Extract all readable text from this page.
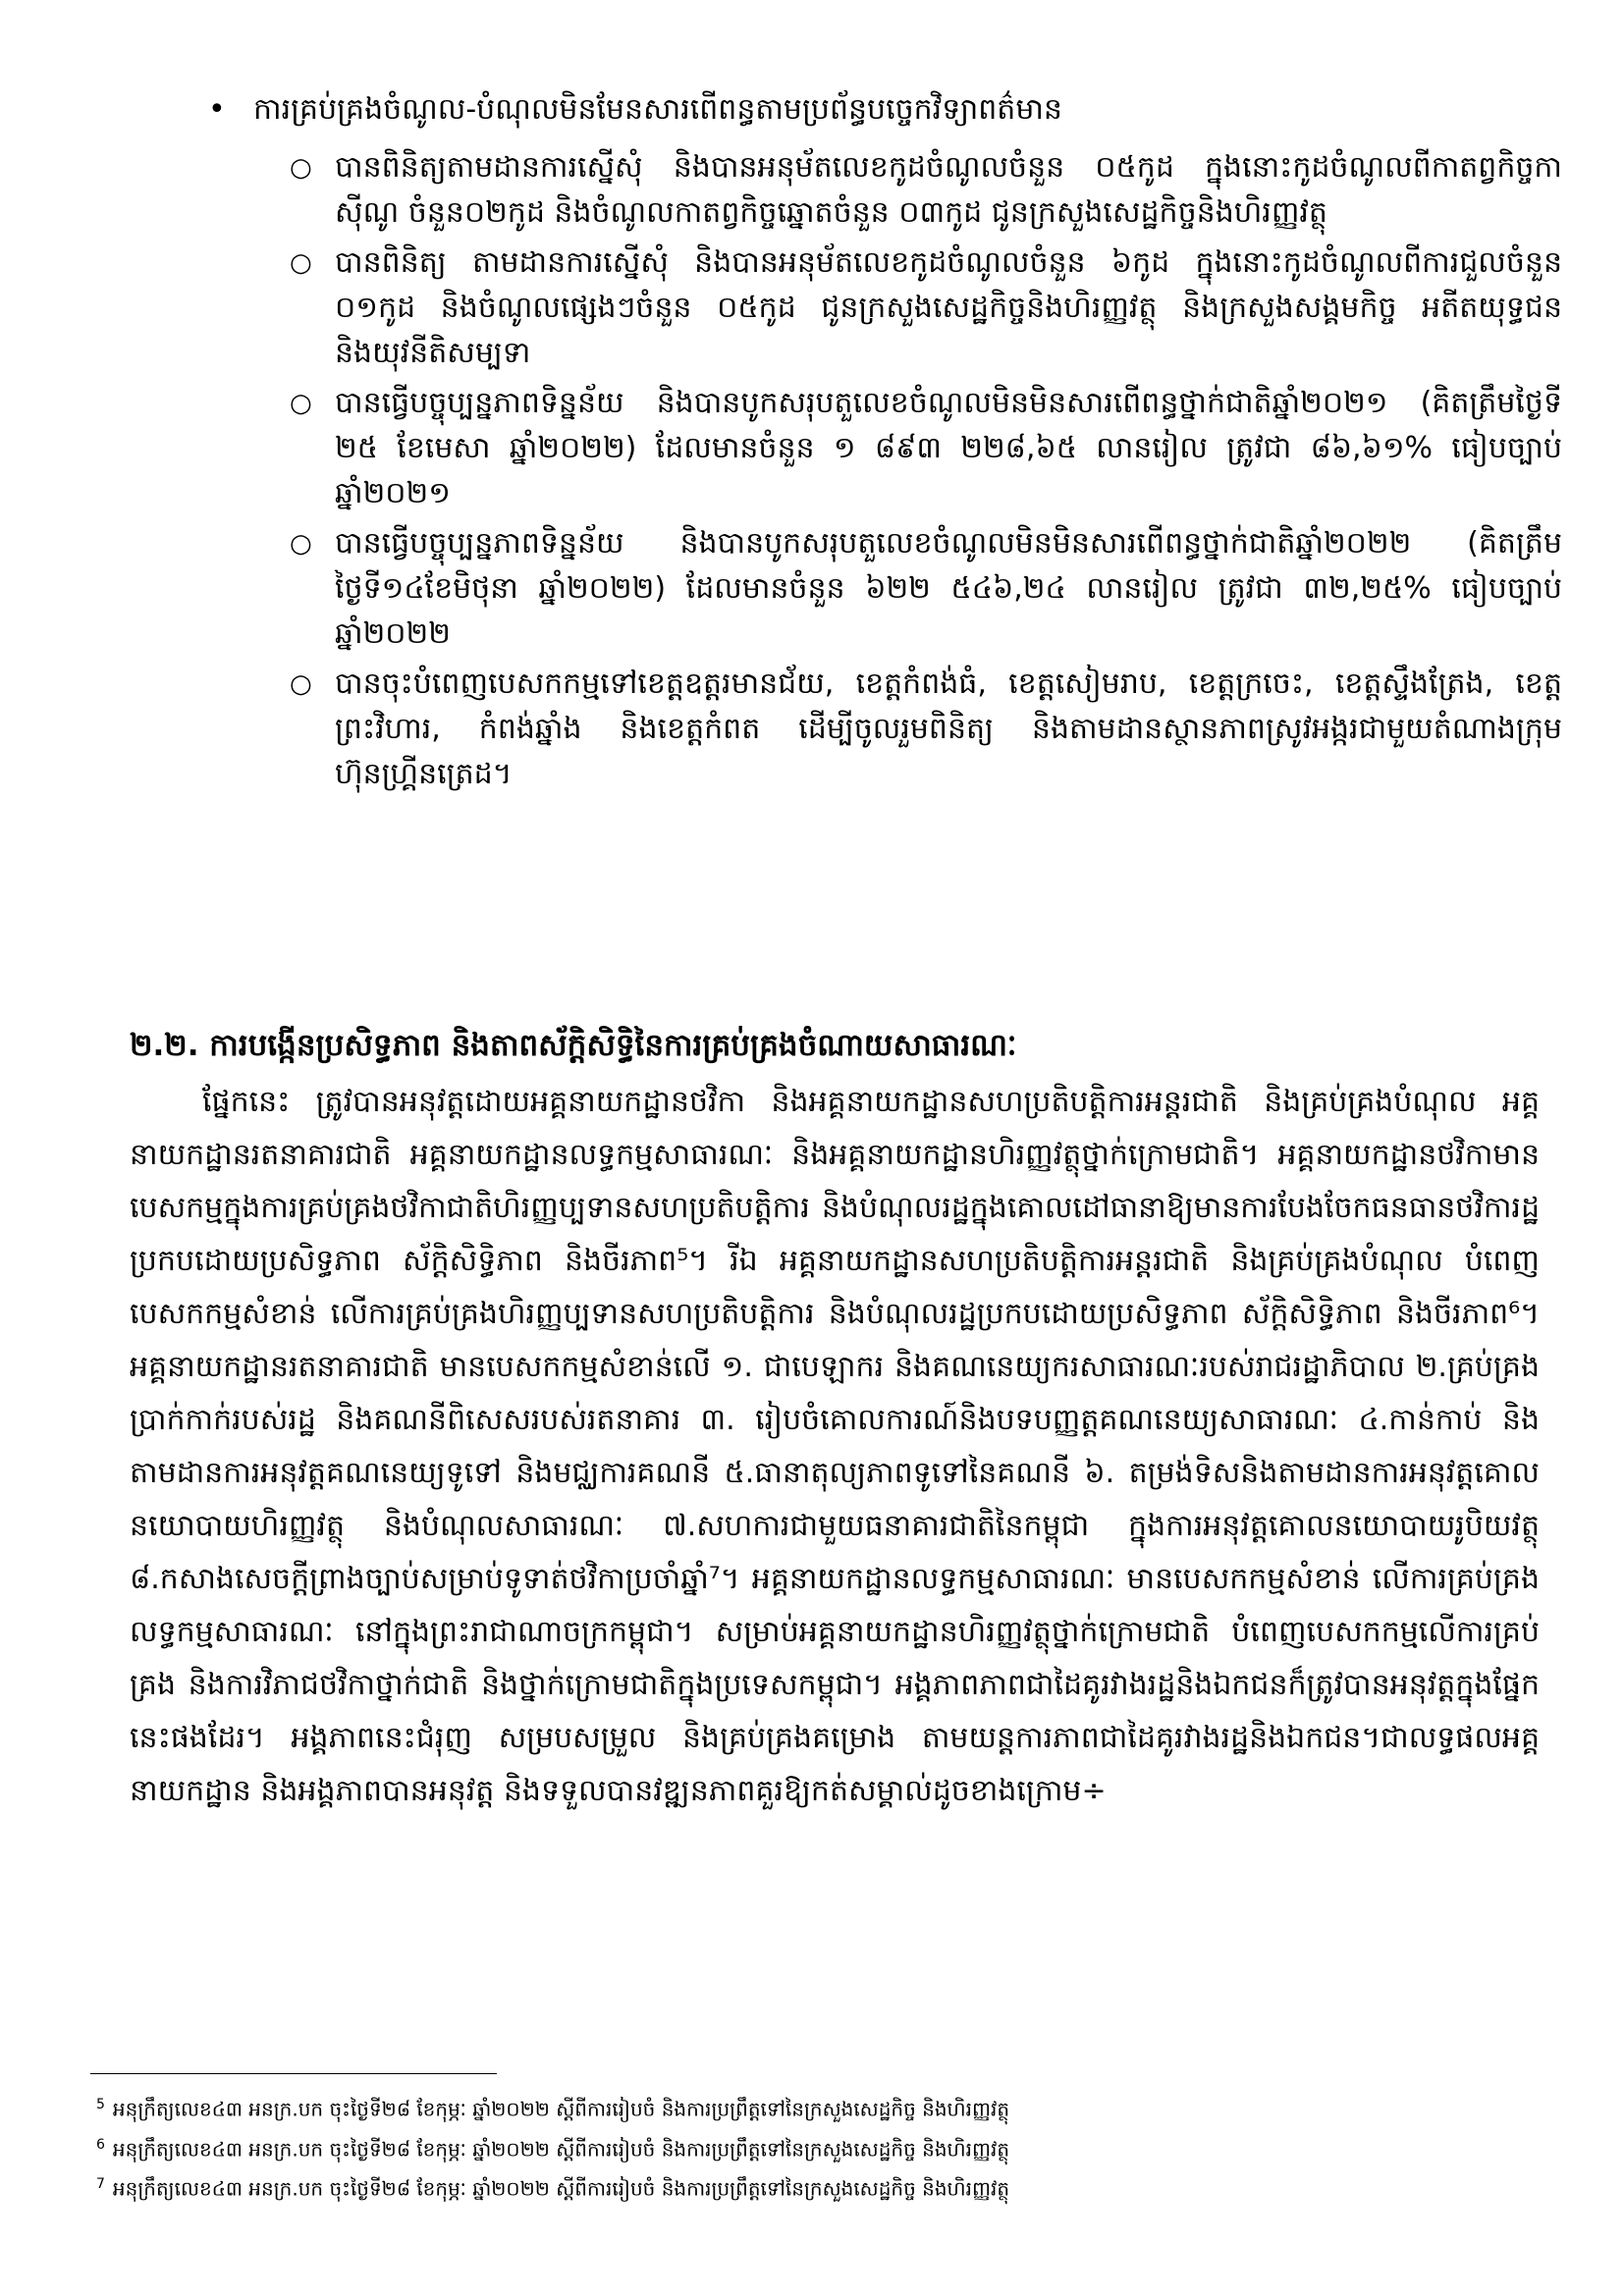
• ការគ្រប់គ្រងចំណូល-បំណុលមិនមែនសារពើពន្ធតាមប្រព័ន្ធបច្ចេកវិទ្យាពត៌មាន
○ បានពិនិត្យតាមដានការស្នើសុំ និងបានអនុម័តលេខកូដចំណូលចំនួន ០៥កូដ ក្នុងនោះកូដចំណូលពីកាតព្វកិច្ចកាស៊ីណូ ចំនួន០២កូដ និងចំណូលកាតព្វកិច្ចឆ្នោតចំនួន ០៣កូដ ជូនក្រសួងសេដ្ឋកិច្ចនិងហិរញ្ញវត្ថុ
○ បានពិនិត្យ តាមដានការស្នើសុំ និងបានអនុម័តលេខកូដចំណូលចំនួន ៦កូដ ក្នុងនោះកូដចំណូលពីការជួលចំនួន ០១កូដ និងចំណូលផ្សេងៗចំនួន ០៥កូដ ជូនក្រសួងសេដ្ឋកិច្ចនិងហិរញ្ញវត្ថុ និងក្រសួងសង្គមកិច្ច អតីតយុទ្ធជន និងយុវនីតិសម្បទា
○ បានធ្វើបច្ចុប្បន្នភាពទិន្នន័យ និងបានបូកសរុបតួលេខចំណូលមិនមិនសារពើពន្ធថ្នាក់ជាតិឆ្នាំ២០២១ (គិតត្រឹមថ្ងៃទី ២៥ ខែមេសា ឆ្នាំ២០២២) ដែលមានចំនួន ១ ៨៩៣ ២២៨,៦៥ លានរៀល ត្រូវជា ៨៦,៦១% ធៀបច្បាប់ឆ្នាំ២០២១
○ បានធ្វើបច្ចុប្បន្នភាពទិន្នន័យ និងបានបូកសរុបតួលេខចំណូលមិនមិនសារពើពន្ធថ្នាក់ជាតិឆ្នាំ២០២២ (គិតត្រឹមថ្ងៃទី១៤ខែមិថុនា ឆ្នាំ២០២២) ដែលមានចំនួន ៦២២ ៥៤៦,២៤ លានរៀល ត្រូវជា ៣២,២៥% ធៀបច្បាប់ឆ្នាំ២០២២
○ បានចុះបំពេញបេសកកម្មទៅខេត្តឧត្តរមានជ័យ, ខេត្តកំពង់ធំ, ខេត្តសៀមរាប, ខេត្តក្រចេះ, ខេត្តស្ទឹងត្រែង, ខេត្តព្រះវិហារ, កំពង់ឆ្នាំង និងខេត្តកំពត ដើម្បីចូលរួមពិនិត្យ និងតាមដានស្ថានភាពស្រូវអង្ករជាមួយតំណាងក្រុមហ៊ុនហ្គ្រីនត្រេដ។
២.២. ការបង្កើនប្រសិទ្ធភាព និងតាពស័ក្តិសិទ្ធិនៃការគ្រប់គ្រងចំណាយសាធារណៈ
ផ្នែកនេះ ត្រូវបានអនុវត្តដោយអគ្គនាយកដ្ឋានថវិកា និងអគ្គនាយកដ្ឋានសហប្រតិបត្តិការអន្តរជាតិ និងគ្រប់គ្រងបំណុល អគ្គនាយកដ្ឋានរតនាគារជាតិ អគ្គនាយកដ្ឋានលទ្ធកម្មសាធារណៈ និងអគ្គនាយកដ្ឋានហិរញ្ញវត្ថុថ្នាក់ក្រោមជាតិ។ អគ្គនាយកដ្ឋានថវិកាមានបេសកម្មក្នុងការគ្រប់គ្រងថវិកាជាតិហិរញ្ញប្បទានសហប្រតិបត្តិការ និងបំណុលរដ្ឋក្នុងគោលដៅធានាឱ្យមានការបែងចែកធនធានថវិការដ្ឋប្រកបដោយប្រសិទ្ធភាព ស័ក្តិសិទ្ធិភាព និងចីរភាព⁵។ រីឯ អគ្គនាយកដ្ឋានសហប្រតិបត្តិការអន្តរជាតិ និងគ្រប់គ្រងបំណុល បំពេញបេសកកម្មសំខាន់ លើការគ្រប់គ្រងហិរញ្ញប្បទានសហប្រតិបត្តិការ និងបំណុលរដ្ឋប្រកបដោយប្រសិទ្ធភាព ស័ក្តិសិទ្ធិភាព និងចីរភាព⁶។ អគ្គនាយកដ្ឋានរតនាគារជាតិ មានបេសកកម្មសំខាន់លើ ១. ជាបេឡាករ និងគណនេយ្យករសាធារណៈរបស់រាជរដ្ឋាភិបាល ២.គ្រប់គ្រងប្រាក់កាក់របស់រដ្ឋ និងគណនីពិសេសរបស់រតនាគារ ៣. រៀបចំគោលការណ៍និងបទបញ្ញត្តគណនេយ្យសាធារណៈ ៤.កាន់កាប់ និងតាមដានការអនុវត្តគណនេយ្យទូទៅ និងមជ្ឈការគណនី ៥.ធានាតុល្យភាពទូទៅនៃគណនី ៦. តម្រង់ទិសនិងតាមដានការអនុវត្តគោលនយោបាយហិរញ្ញវត្ថុ និងបំណុលសាធារណៈ ៧.សហការជាមួយធនាគារជាតិនៃកម្ពុជា ក្នុងការអនុវត្តគោលនយោបាយរូបិយវត្ថុ ៨.កសាងសេចក្តីព្រាងច្បាប់សម្រាប់ទូទាត់ថវិកាប្រចាំឆ្នាំ⁷។ អគ្គនាយកដ្ឋានលទ្ធកម្មសាធារណៈ មានបេសកកម្មសំខាន់ លើការគ្រប់គ្រងលទ្ធកម្មសាធារណៈ នៅក្នុងព្រះរាជាណាចក្រកម្ពុជា។ សម្រាប់អគ្គនាយកដ្ឋានហិរញ្ញវត្ថុថ្នាក់ក្រោមជាតិ បំពេញបេសកកម្មលើការគ្រប់គ្រង និងការវិភាជថវិកាថ្នាក់ជាតិ និងថ្នាក់ក្រោមជាតិក្នុងប្រទេសកម្ពុជា។ អង្គភាពភាពជាដៃគូរវាងរដ្ឋនិងឯកជនក៏ត្រូវបានអនុវត្តក្នុងផ្នែកនេះផងដែរ។ អង្គភាពនេះជំរុញ សម្របសម្រួល និងគ្រប់គ្រងគម្រោង តាមយន្តការភាពជាដៃគូរវាងរដ្ឋនិងឯកជន។ជាលទ្ធផលអគ្គនាយកដ្ឋាន និងអង្គភាពបានអនុវត្ត និងទទួលបានវឌ្ឍនភាពគួរឱ្យកត់សម្គាល់ដូចខាងក្រោម÷
$^5$ អនុក្រឹត្យលេខ៤៣ អនក្រ.បក ចុះថ្ងៃទី២៨ ខែកុម្ភៈ ឆ្នាំ២០២២ ស្តីពីការរៀបចំ និងការប្រព្រឹត្តទៅនៃក្រសួងសេដ្ឋកិច្ច និងហិរញ្ញវត្ថុ
$^6$ អនុក្រឹត្យលេខ៤៣ អនក្រ.បក ចុះថ្ងៃទី២៨ ខែកុម្ភៈ ឆ្នាំ២០២២ ស្តីពីការរៀបចំ និងការប្រព្រឹត្តទៅនៃក្រសួងសេដ្ឋកិច្ច និងហិរញ្ញវត្ថុ
$^7$ អនុក្រឹត្យលេខ៤៣ អនក្រ.បក ចុះថ្ងៃទី២៨ ខែកុម្ភៈ ឆ្នាំ២០២២ ស្តីពីការរៀបចំ និងការប្រព្រឹត្តទៅនៃក្រសួងសេដ្ឋកិច្ច និងហិរញ្ញវត្ថុ
